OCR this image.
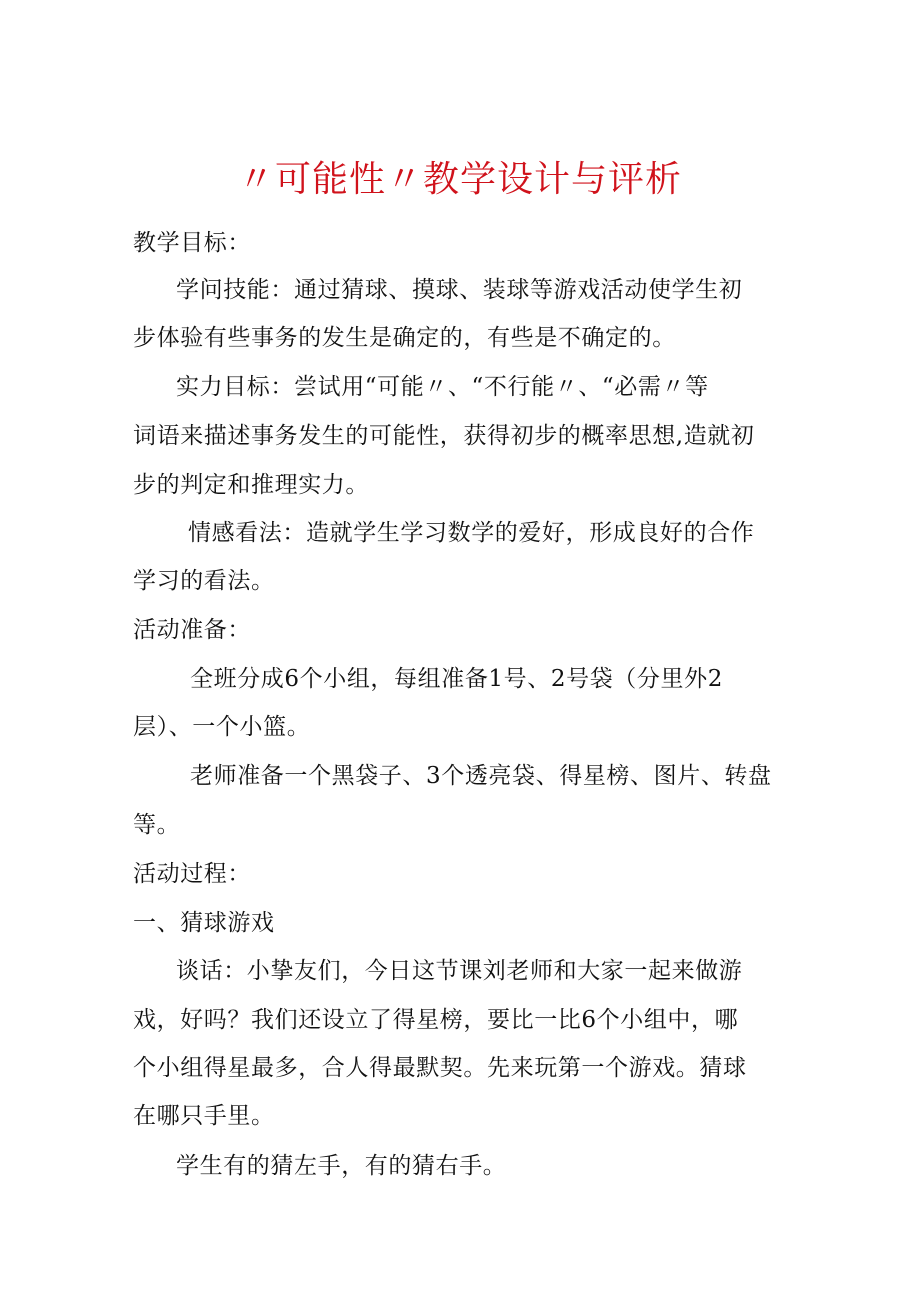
〃可能性〃教学设计与评析
教学目标：
学问技能：通过猜球、摸球、装球等游戏活动使学生初
步体验有些事务的发生是确定的，有些是不确定的。
实力目标：尝试用“可能〃、“不行能〃、“必需〃等
词语来描述事务发生的可能性，获得初步的概率思想,造就初
步的判定和推理实力。
情感看法：造就学生学习数学的爱好，形成良好的合作
学习的看法。
活动准备：
全班分成6个小组，每组准备1号、2号袋（分里外2
层）、一个小篮。
老师准备一个黑袋子、3个透亮袋、得星榜、图片、转盘
等。
活动过程：
一、猜球游戏
谈话：小挚友们，今日这节课刘老师和大家一起来做游
戏，好吗？我们还设立了得星榜，要比一比6个小组中，哪
个小组得星最多，合人得最默契。先来玩第一个游戏。猜球
在哪只手里。
学生有的猜左手，有的猜右手。
